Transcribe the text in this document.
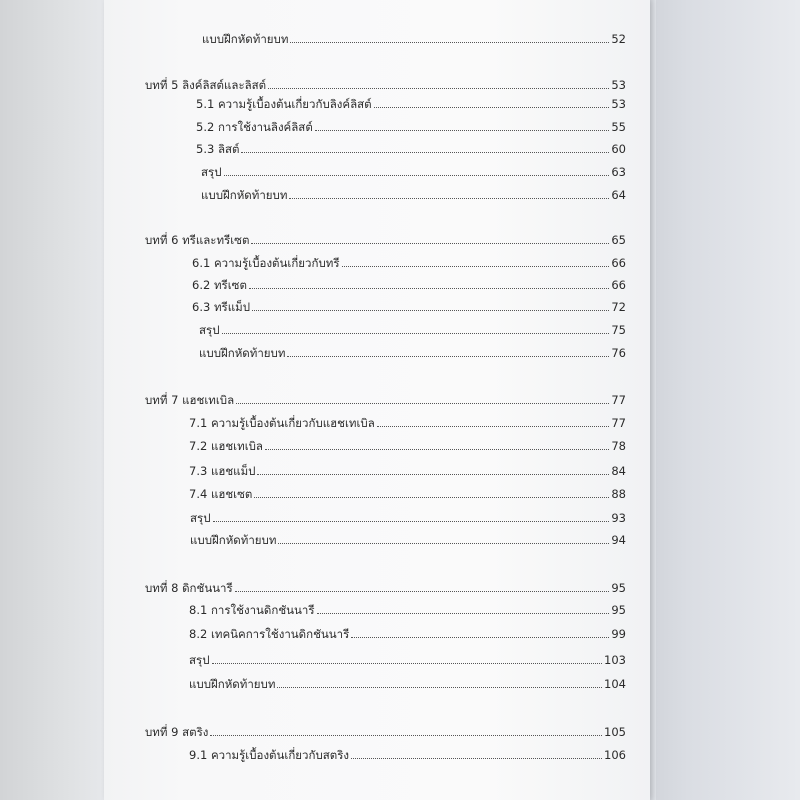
แบบฝึกหัดท้ายบท	52
บทที่ 5 ลิงค์ลิสต์และลิสต์	53
5.1 ความรู้เบื้องต้นเกี่ยวกับลิงค์ลิสต์	53
5.2 การใช้งานลิงค์ลิสต์	55
5.3 ลิสต์	60
สรุป	63
แบบฝึกหัดท้ายบท	64
บทที่ 6 ทรีและทรีเซต	65
6.1 ความรู้เบื้องต้นเกี่ยวกับทรี	66
6.2 ทรีเซต	66
6.3 ทรีแม็ป	72
สรุป	75
แบบฝึกหัดท้ายบท	76
บทที่ 7 แฮชเทเบิล	77
7.1 ความรู้เบื้องต้นเกี่ยวกับแฮชเทเบิล	77
7.2 แฮชเทเบิล	78
7.3 แฮชแม็ป	84
7.4 แฮชเซต	88
สรุป	93
แบบฝึกหัดท้ายบท	94
บทที่ 8 ดิกชันนารี	95
8.1 การใช้งานดิกชันนารี	95
8.2 เทคนิคการใช้งานดิกชันนารี	99
สรุป	103
แบบฝึกหัดท้ายบท	104
บทที่ 9 สตริง	105
9.1 ความรู้เบื้องต้นเกี่ยวกับสตริง	106
